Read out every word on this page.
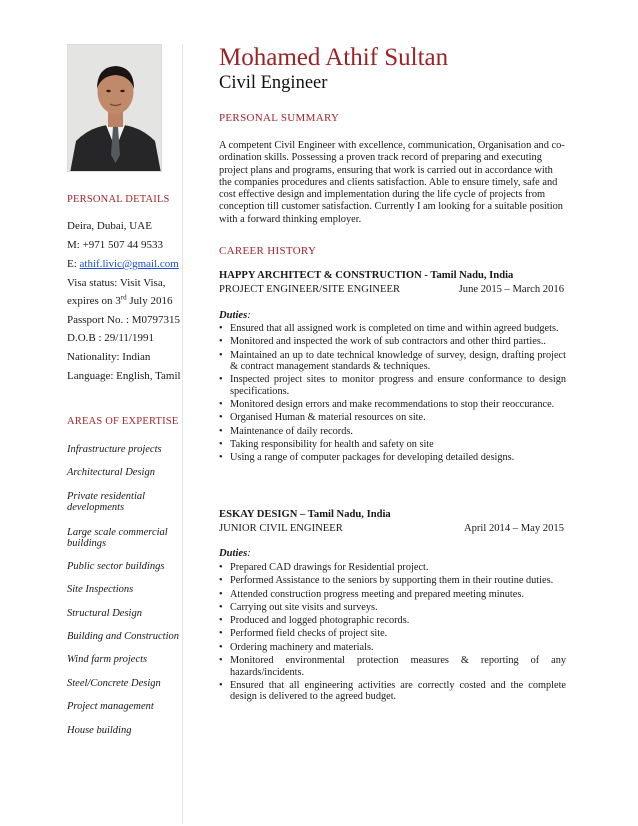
PERSONAL DETAILS
Deira, Dubai, UAE
M: +971 507 44 9533
E: athif.livic@gmail.com
Visa status: Visit Visa,
expires on 3rd July 2016
Passport No. : M0797315
D.O.B : 29/11/1991
Nationality: Indian
Language: English, Tamil
AREAS OF EXPERTISE
Infrastructure projects
Architectural Design
Private residential developments
Large scale commercial buildings
Public sector buildings
Site Inspections
Structural Design
Building and Construction
Wind farm projects
Steel/Concrete Design
Project management
House building
Mohamed Athif Sultan
Civil Engineer
PERSONAL SUMMARY
A competent Civil Engineer with excellence, communication, Organisation and co-ordination skills. Possessing a proven track record of preparing and executing project plans and programs, ensuring that work is carried out in accordance with the companies procedures and clients satisfaction. Able to ensure timely, safe and cost effective design and implementation during the life cycle of projects from conception till customer satisfaction. Currently I am looking for a suitable position with a forward thinking employer.
CAREER HISTORY
HAPPY ARCHITECT & CONSTRUCTION - Tamil Nadu, India
PROJECT ENGINEER/SITE ENGINEER	June 2015 – March 2016
Duties:
• Ensured that all assigned work is completed on time and within agreed budgets.
• Monitored and inspected the work of sub contractors and other third parties..
• Maintained an up to date technical knowledge of survey, design, drafting project & contract management standards & techniques.
• Inspected project sites to monitor progress and ensure conformance to design specifications.
• Monitored design errors and make recommendations to stop their reoccurance.
• Organised Human & material resources on site.
• Maintenance of daily records.
• Taking responsibility for health and safety on site
• Using a range of computer packages for developing detailed designs.
ESKAY DESIGN – Tamil Nadu, India
JUNIOR CIVIL ENGINEER	April 2014 – May 2015
Duties:
• Prepared CAD drawings for Residential project.
• Performed Assistance to the seniors by supporting them in their routine duties.
• Attended construction progress meeting and prepared meeting minutes.
• Carrying out site visits and surveys.
• Produced and logged photographic records.
• Performed field checks of project site.
• Ordering machinery and materials.
• Monitored environmental protection measures & reporting of any hazards/incidents.
• Ensured that all engineering activities are correctly costed and the complete design is delivered to the agreed budget.
